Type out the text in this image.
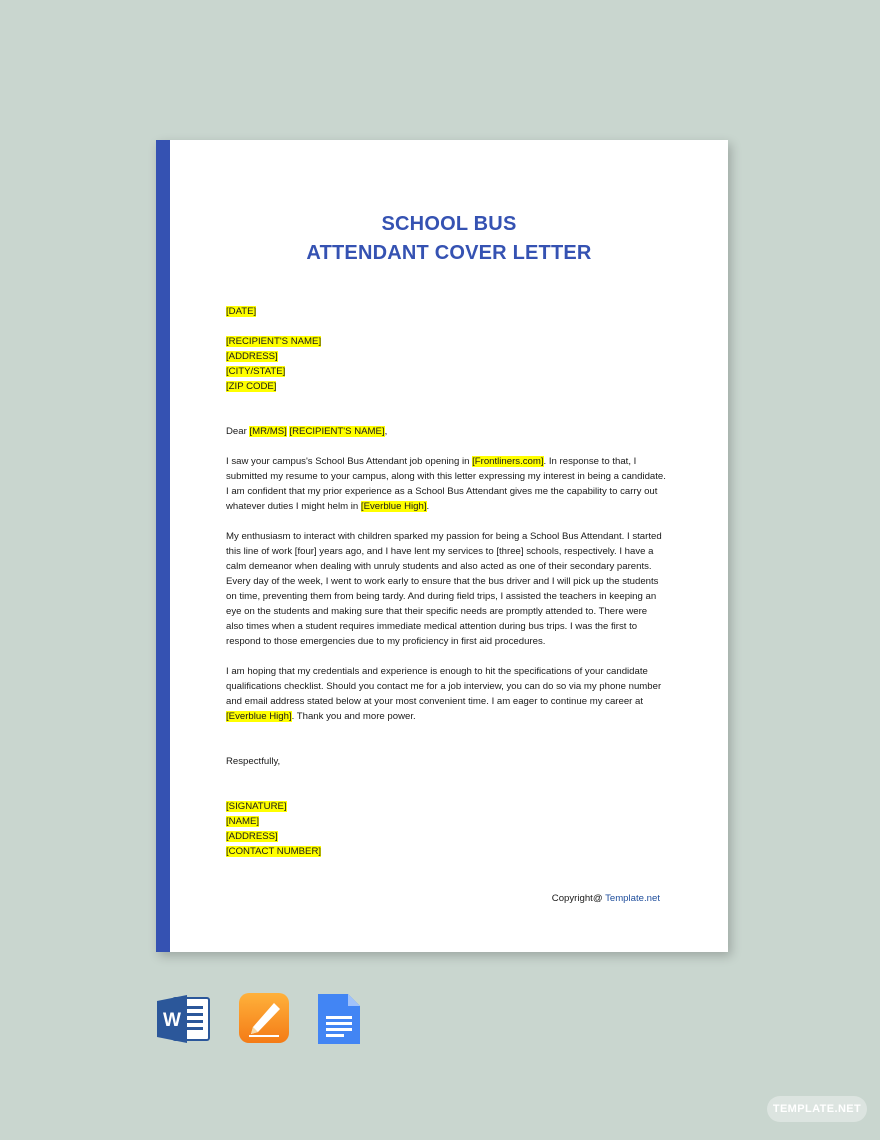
SCHOOL BUS
ATTENDANT COVER LETTER
[DATE]
[RECIPIENT'S NAME]
[ADDRESS]
[CITY/STATE]
[ZIP CODE]
Dear [MR/MS] [RECIPIENT'S NAME],

I saw your campus's School Bus Attendant job opening in [Frontliners.com]. In response to that, I submitted my resume to your campus, along with this letter expressing my interest in being a candidate. I am confident that my prior experience as a School Bus Attendant gives me the capability to carry out whatever duties I might helm in [Everblue High].

My enthusiasm to interact with children sparked my passion for being a School Bus Attendant. I started this line of work [four] years ago, and I have lent my services to [three] schools, respectively. I have a calm demeanor when dealing with unruly students and also acted as one of their secondary parents. Every day of the week, I went to work early to ensure that the bus driver and I will pick up the students on time, preventing them from being tardy. And during field trips, I assisted the teachers in keeping an eye on the students and making sure that their specific needs are promptly attended to. There were also times when a student requires immediate medical attention during bus trips. I was the first to respond to those emergencies due to my proficiency in first aid procedures.

I am hoping that my credentials and experience is enough to hit the specifications of your candidate qualifications checklist. Should you contact me for a job interview, you can do so via my phone number and email address stated below at your most convenient time. I am eager to continue my career at [Everblue High]. Thank you and more power.

Respectfully,
[SIGNATURE]
[NAME]
[ADDRESS]
[CONTACT NUMBER]
Copyright@ Template.net
W
TEMPLATE.NET
